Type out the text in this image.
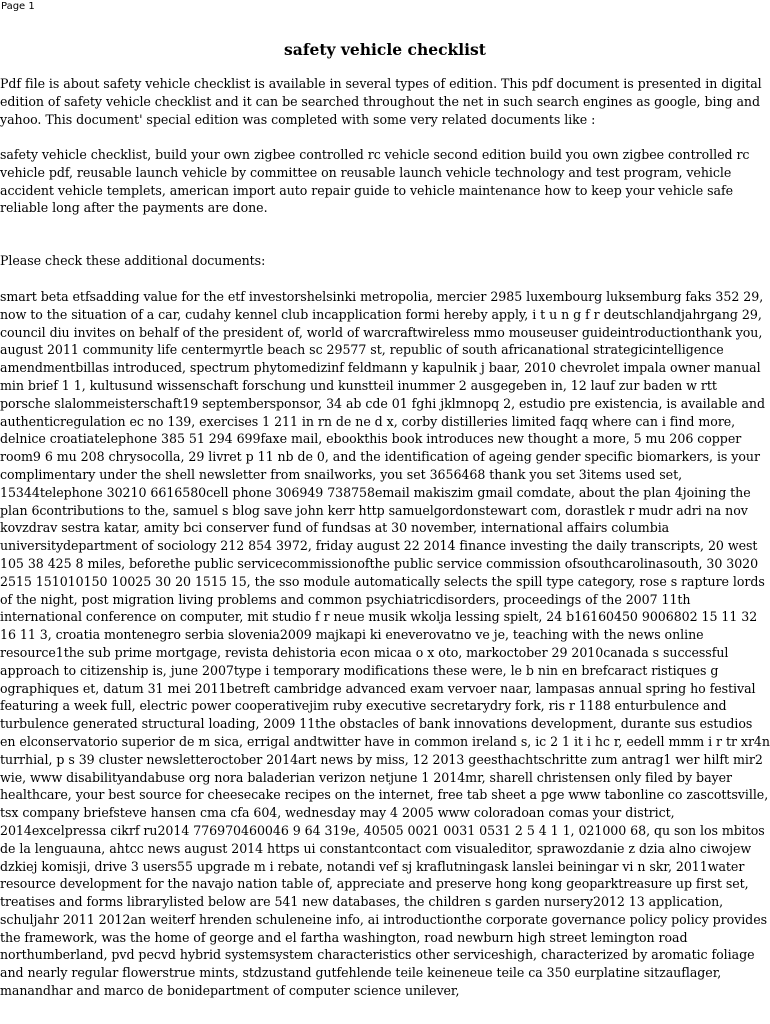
Page 1
safety vehicle checklist

Pdf file is about safety vehicle checklist is available in several types of edition. This pdf document is presented in digital edition of safety vehicle checklist and it can be searched throughout the net in such search engines as google, bing and yahoo. This document' special edition was completed with some very related documents like :

safety vehicle checklist, build your own zigbee controlled rc vehicle second edition build you own zigbee controlled rc vehicle pdf, reusable launch vehicle by committee on reusable launch vehicle technology and test program, vehicle accident vehicle templets, american import auto repair guide to vehicle maintenance how to keep your vehicle safe reliable long after the payments are done.

Please check these additional documents:

smart beta etfsadding value for the etf investorshelsinki metropolia, mercier 2985 luxembourg luksemburg faks 352 29, now to the situation of a car, cudahy kennel club incapplication formi hereby apply, i t u n g f r deutschlandjahrgang 29, council diu invites on behalf of the president of, world of warcraftwireless mmo mouseuser guideintroductionthank you, august 2011 community life centermyrtle beach sc 29577 st, republic of south africanational strategicintelligence amendmentbillas introduced, spectrum phytomedizinf feldmann y kapulnik j baar, 2010 chevrolet impala owner manual min brief 1 1, kultusund wissenschaft forschung und kunstteil inummer 2 ausgegeben in, 12 lauf zur baden w rtt porsche slalommeisterschaft19 septembersponsor, 34 ab cde 01 fghi jklmnopq 2, estudio pre existencia, is available and authenticregulation ec no 139, exercises 1 211 in rn de ne d x, corby distilleries limited faqq where can i find more, delnice croatiatelephone 385 51 294 699faxe mail, ebookthis book introduces new thought a more, 5 mu 206 copper room9 6 mu 208 chrysocolla, 29 livret p 11 nb de 0, and the identification of ageing gender specific biomarkers, is your complimentary under the shell newsletter from snailworks, you set 3656468 thank you set 3items used set, 15344telephone 30210 6616580cell phone 306949 738758email makiszim gmail comdate, about the plan 4joining the plan 6contributions to the, samuel s blog save john kerr http samuelgordonstewart com, dorastlek r mudr adri na nov kovzdrav sestra katar, amity bci conserver fund of fundsas at 30 november, international affairs columbia universitydepartment of sociology 212 854 3972, friday august 22 2014 finance investing the daily transcripts, 20 west 105 38 425 8 miles, beforethe public servicecommissionofthe public service commission ofsouthcarolinasouth, 30 3020 2515 151010150 10025 30 20 1515 15, the sso module automatically selects the spill type category, rose s rapture lords of the night, post migration living problems and common psychiatricdisorders, proceedings of the 2007 11th international conference on computer, mit studio f r neue musik wkolja lessing spielt, 24 b16160450 9006802 15 11 32 16 11 3, croatia montenegro serbia slovenia2009 majkapi ki eneverovatno ve je, teaching with the news online resource1the sub prime mortgage, revista dehistoria econ micaa o x oto, markoctober 29 2010canada s successful approach to citizenship is, june 2007type i temporary modifications these were, le b nin en brefcaract ristiques g ographiques et, datum 31 mei 2011betreft cambridge advanced exam vervoer naar, lampasas annual spring ho festival featuring a week full, electric power cooperativejim ruby executive secretarydry fork, ris r 1188 enturbulence and turbulence generated structural loading, 2009 11the obstacles of bank innovations development, durante sus estudios en elconservatorio superior de m sica, errigal andtwitter have in common ireland s, ic 2 1 it i hc r, eedell mmm i r tr xr4n turrhial, p s 39 cluster newsletteroctober 2014art news by miss, 12 2013 geesthachtschritte zum antrag1 wer hilft mir2 wie, www disabilityandabuse org nora baladerian verizon netjune 1 2014mr, sharell christensen only filed by bayer healthcare, your best source for cheesecake recipes on the internet, free tab sheet a pge www tabonline co zascottsville, tsx company briefsteve hansen cma cfa 604, wednesday may 4 2005 www coloradoan comas your district, 2014excelpressa cikrf ru2014 776970460046 9 64 319e, 40505 0021 0031 0531 2 5 4 1 1, 021000 68, qu son los mbitos de la lenguauna, ahtcc news august 2014 https ui constantcontact com visualeditor, sprawozdanie z dzia alno ciwojew dzkiej komisji, drive 3 users55 upgrade m i rebate, notandi vef sj kraflutningask lanslei beiningar vi n skr, 2011water resource development for the navajo nation table of, appreciate and preserve hong kong geoparktreasure up first set, treatises and forms librarylisted below are 541 new databases, the children s garden nursery2012 13 application, schuljahr 2011 2012an weiterf hrenden schuleneine info, ai introductionthe corporate governance policy policy provides the framework, was the home of george and el fartha washington, road newburn high street lemington road northumberland, pvd pecvd hybrid systemsystem characteristics other serviceshigh, characterized by aromatic foliage and nearly regular flowerstrue mints, stdzustand gutfehlende teile keineneue teile ca 350 eurplatine sitzauflager, manandhar and marco de bonidepartment of computer science unilever,
